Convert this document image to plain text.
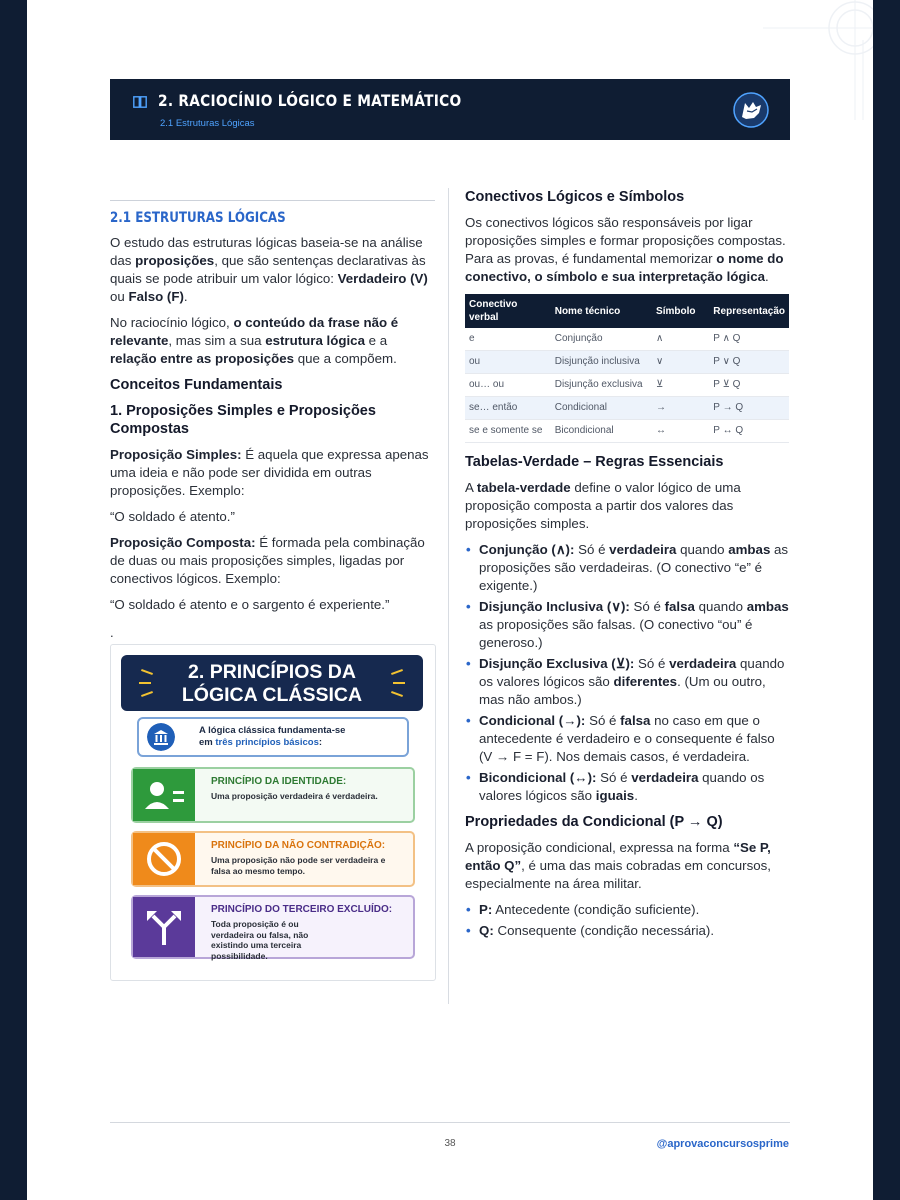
2. RACIOCÍNIO LÓGICO E MATEMÁTICO
2.1 Estruturas Lógicas
2.1 ESTRUTURAS LÓGICAS

O estudo das estruturas lógicas baseia-se na análise das proposições, que são sentenças declarativas às quais se pode atribuir um valor lógico: Verdadeiro (V) ou Falso (F).

No raciocínio lógico, o conteúdo da frase não é relevante, mas sim a sua estrutura lógica e a relação entre as proposições que a compõem.

Conceitos Fundamentais
1. Proposições Simples e Proposições Compostas

Proposição Simples: É aquela que expressa apenas uma ideia e não pode ser dividida em outras proposições. Exemplo:

“O soldado é atento.”

Proposição Composta: É formada pela combinação de duas ou mais proposições simples, ligadas por conectivos lógicos. Exemplo:

“O soldado é atento e o sargento é experiente.”

.

2. PRINCÍPIOS DA
LÓGICA CLÁSSICA
A lógica clássica fundamenta-se
em três princípios básicos:
PRINCÍPIO DA IDENTIDADE:
Uma proposição verdadeira é verdadeira.
PRINCÍPIO DA NÃO CONTRADIÇÃO:
Uma proposição não pode ser verdadeira e falsa ao mesmo tempo.
PRINCÍPIO DO TERCEIRO EXCLUÍDO:
Toda proposição é ou verdadeira ou falsa, não existindo uma terceira possibilidade.
Conectivos Lógicos e Símbolos

Os conectivos lógicos são responsáveis por ligar proposições simples e formar proposições compostas. Para as provas, é fundamental memorizar o nome do conectivo, o símbolo e sua interpretação lógica.

Conectivo verbal	Nome técnico	Símbolo	Representação
e	Conjunção	∧	P ∧ Q
ou	Disjunção inclusiva	∨	P ∨ Q
ou… ou	Disjunção exclusiva	⊻	P ⊻ Q
se… então	Condicional	→	P → Q
se e somente se	Bicondicional	↔	P ↔ Q
Tabelas-Verdade – Regras Essenciais

A tabela-verdade define o valor lógico de uma proposição composta a partir dos valores das proposições simples.

• Conjunção (∧): Só é verdadeira quando ambas as proposições são verdadeiras. (O conectivo “e” é exigente.)
• Disjunção Inclusiva (∨): Só é falsa quando ambas as proposições são falsas. (O conectivo “ou” é generoso.)
• Disjunção Exclusiva (⊻): Só é verdadeira quando os valores lógicos são diferentes. (Um ou outro, mas não ambos.)
• Condicional (→): Só é falsa no caso em que o antecedente é verdadeiro e o consequente é falso (V → F = F). Nos demais casos, é verdadeira.
• Bicondicional (↔): Só é verdadeira quando os valores lógicos são iguais.
Propriedades da Condicional (P → Q)

A proposição condicional, expressa na forma “Se P, então Q”, é uma das mais cobradas em concursos, especialmente na área militar.

• P: Antecedente (condição suficiente).
• Q: Consequente (condição necessária).
38	@aprovaconcursosprime
